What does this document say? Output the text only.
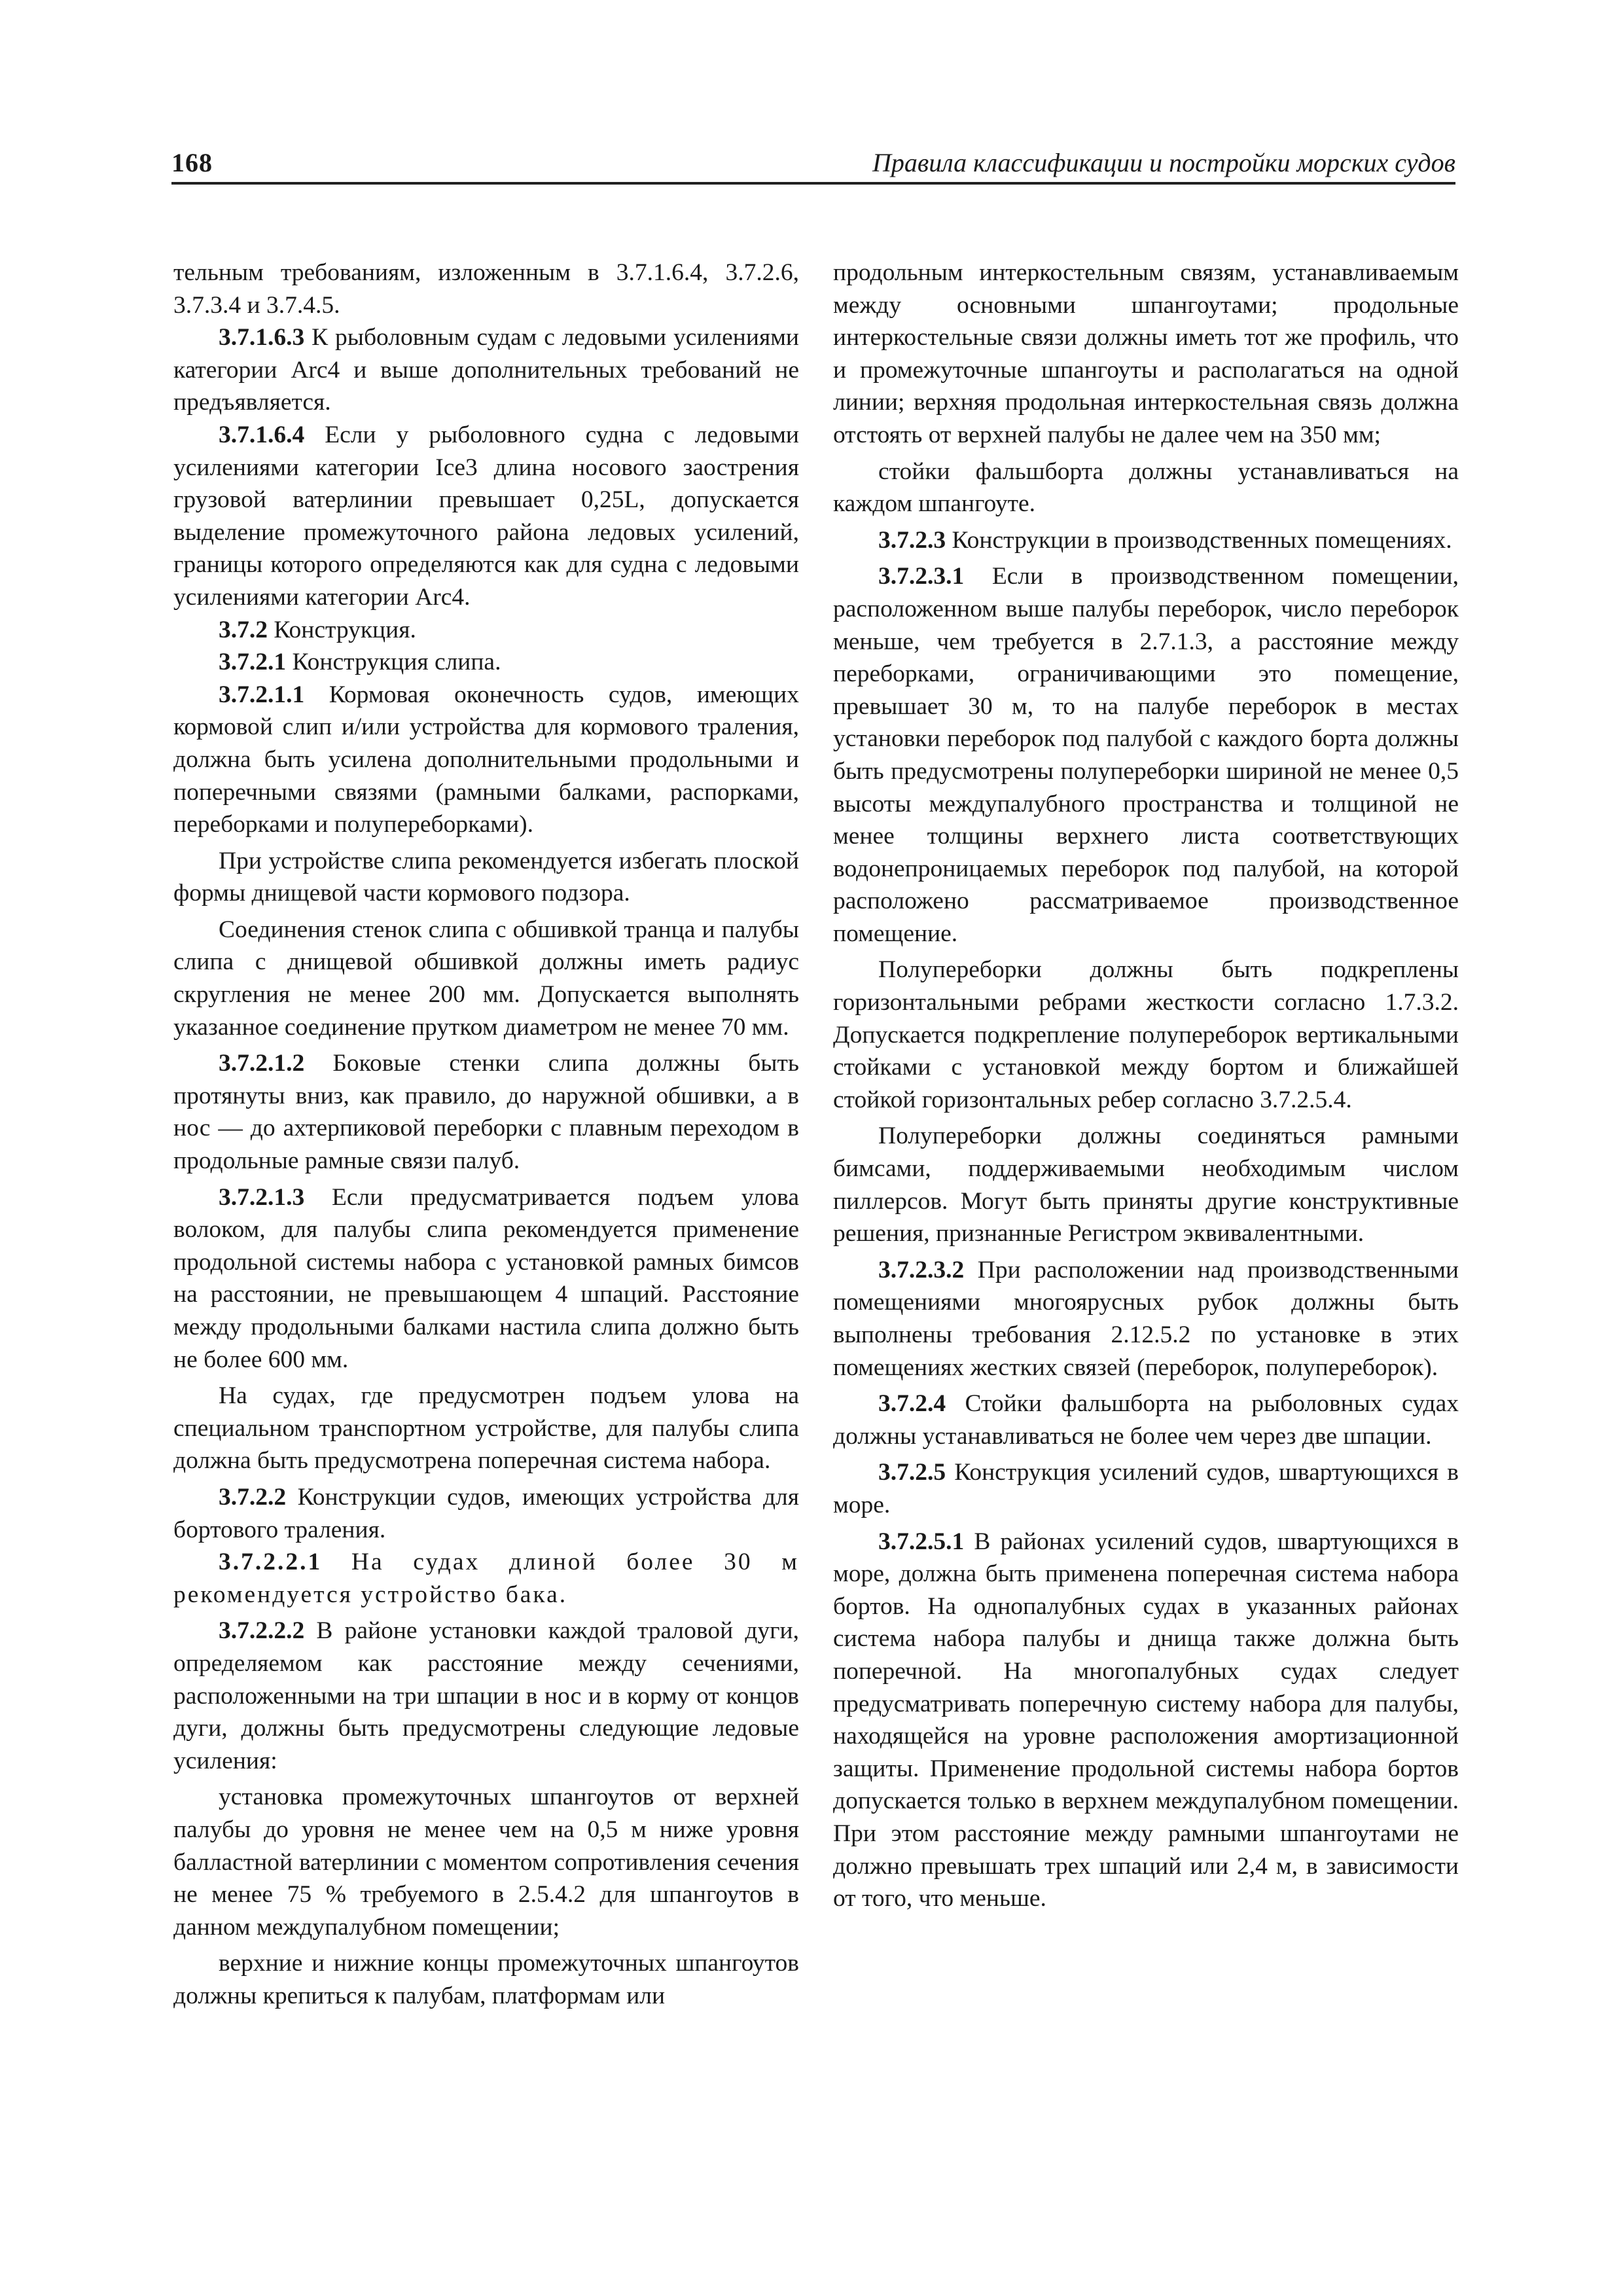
168	Правила классификации и постройки морских судов

тельным требованиям, изложенным в 3.7.1.6.4, 3.7.2.6, 3.7.3.4 и 3.7.4.5.

3.7.1.6.3 К рыболовным судам с ледовыми усилениями категории Arc4 и выше дополнительных требований не предъявляется.

3.7.1.6.4 Если у рыболовного судна с ледовыми усилениями категории Ice3 длина носового заострения грузовой ватерлинии превышает 0,25L, допускается выделение промежуточного района ледовых усилений, границы которого определяются как для судна с ледовыми усилениями категории Arc4.

3.7.2 Конструкция.

3.7.2.1 Конструкция слипа.

3.7.2.1.1 Кормовая оконечность судов, имеющих кормовой слип и/или устройства для кормового траления, должна быть усилена дополнительными продольными и поперечными связями (рамными балками, распорками, переборками и полупереборками).

При устройстве слипа рекомендуется избегать плоской формы днищевой части кормового подзора.

Соединения стенок слипа с обшивкой транца и палубы слипа с днищевой обшивкой должны иметь радиус скругления не менее 200 мм. Допускается выполнять указанное соединение прутком диаметром не менее 70 мм.

3.7.2.1.2 Боковые стенки слипа должны быть протянуты вниз, как правило, до наружной обшивки, а в нос — до ахтерпиковой переборки с плавным переходом в продольные рамные связи палуб.

3.7.2.1.3 Если предусматривается подъем улова волоком, для палубы слипа рекомендуется применение продольной системы набора с установкой рамных бимсов на расстоянии, не превышающем 4 шпаций. Расстояние между продольными балками настила слипа должно быть не более 600 мм.

На судах, где предусмотрен подъем улова на специальном транспортном устройстве, для палубы слипа должна быть предусмотрена поперечная система набора.

3.7.2.2 Конструкции судов, имеющих устройства для бортового траления.

3.7.2.2.1 На судах длиной более 30 м рекомендуется устройство бака.

3.7.2.2.2 В районе установки каждой траловой дуги, определяемом как расстояние между сечениями, расположенными на три шпации в нос и в корму от концов дуги, должны быть предусмотрены следующие ледовые усиления:

установка промежуточных шпангоутов от верхней палубы до уровня не менее чем на 0,5 м ниже уровня балластной ватерлинии с моментом сопротивления сечения не менее 75 % требуемого в 2.5.4.2 для шпангоутов в данном междупалубном помещении;

верхние и нижние концы промежуточных шпангоутов должны крепиться к палубам, платформам или

продольным интеркостельным связям, устанавливаемым между основными шпангоутами; продольные интеркостельные связи должны иметь тот же профиль, что и промежуточные шпангоуты и располагаться на одной линии; верхняя продольная интеркостельная связь должна отстоять от верхней палубы не далее чем на 350 мм;

стойки фальшборта должны устанавливаться на каждом шпангоуте.

3.7.2.3 Конструкции в производственных помещениях.

3.7.2.3.1 Если в производственном помещении, расположенном выше палубы переборок, число переборок меньше, чем требуется в 2.7.1.3, а расстояние между переборками, ограничивающими это помещение, превышает 30 м, то на палубе переборок в местах установки переборок под палубой с каждого борта должны быть предусмотрены полупереборки шириной не менее 0,5 высоты междупалубного пространства и толщиной не менее толщины верхнего листа соответствующих водонепроницаемых переборок под палубой, на которой расположено рассматриваемое производственное помещение.

Полупереборки должны быть подкреплены горизонтальными ребрами жесткости согласно 1.7.3.2. Допускается подкрепление полупереборок вертикальными стойками с установкой между бортом и ближайшей стойкой горизонтальных ребер согласно 3.7.2.5.4.

Полупереборки должны соединяться рамными бимсами, поддерживаемыми необходимым числом пиллерсов. Могут быть приняты другие конструктивные решения, признанные Регистром эквивалентными.

3.7.2.3.2 При расположении над производственными помещениями многоярусных рубок должны быть выполнены требования 2.12.5.2 по установке в этих помещениях жестких связей (переборок, полупереборок).

3.7.2.4 Стойки фальшборта на рыболовных судах должны устанавливаться не более чем через две шпации.

3.7.2.5 Конструкция усилений судов, швартующихся в море.

3.7.2.5.1 В районах усилений судов, швартующихся в море, должна быть применена поперечная система набора бортов. На однопалубных судах в указанных районах система набора палубы и днища также должна быть поперечной. На многопалубных судах следует предусматривать поперечную систему набора для палубы, находящейся на уровне расположения амортизационной защиты. Применение продольной системы набора бортов допускается только в верхнем междупалубном помещении. При этом расстояние между рамными шпангоутами не должно превышать трех шпаций или 2,4 м, в зависимости от того, что меньше.
